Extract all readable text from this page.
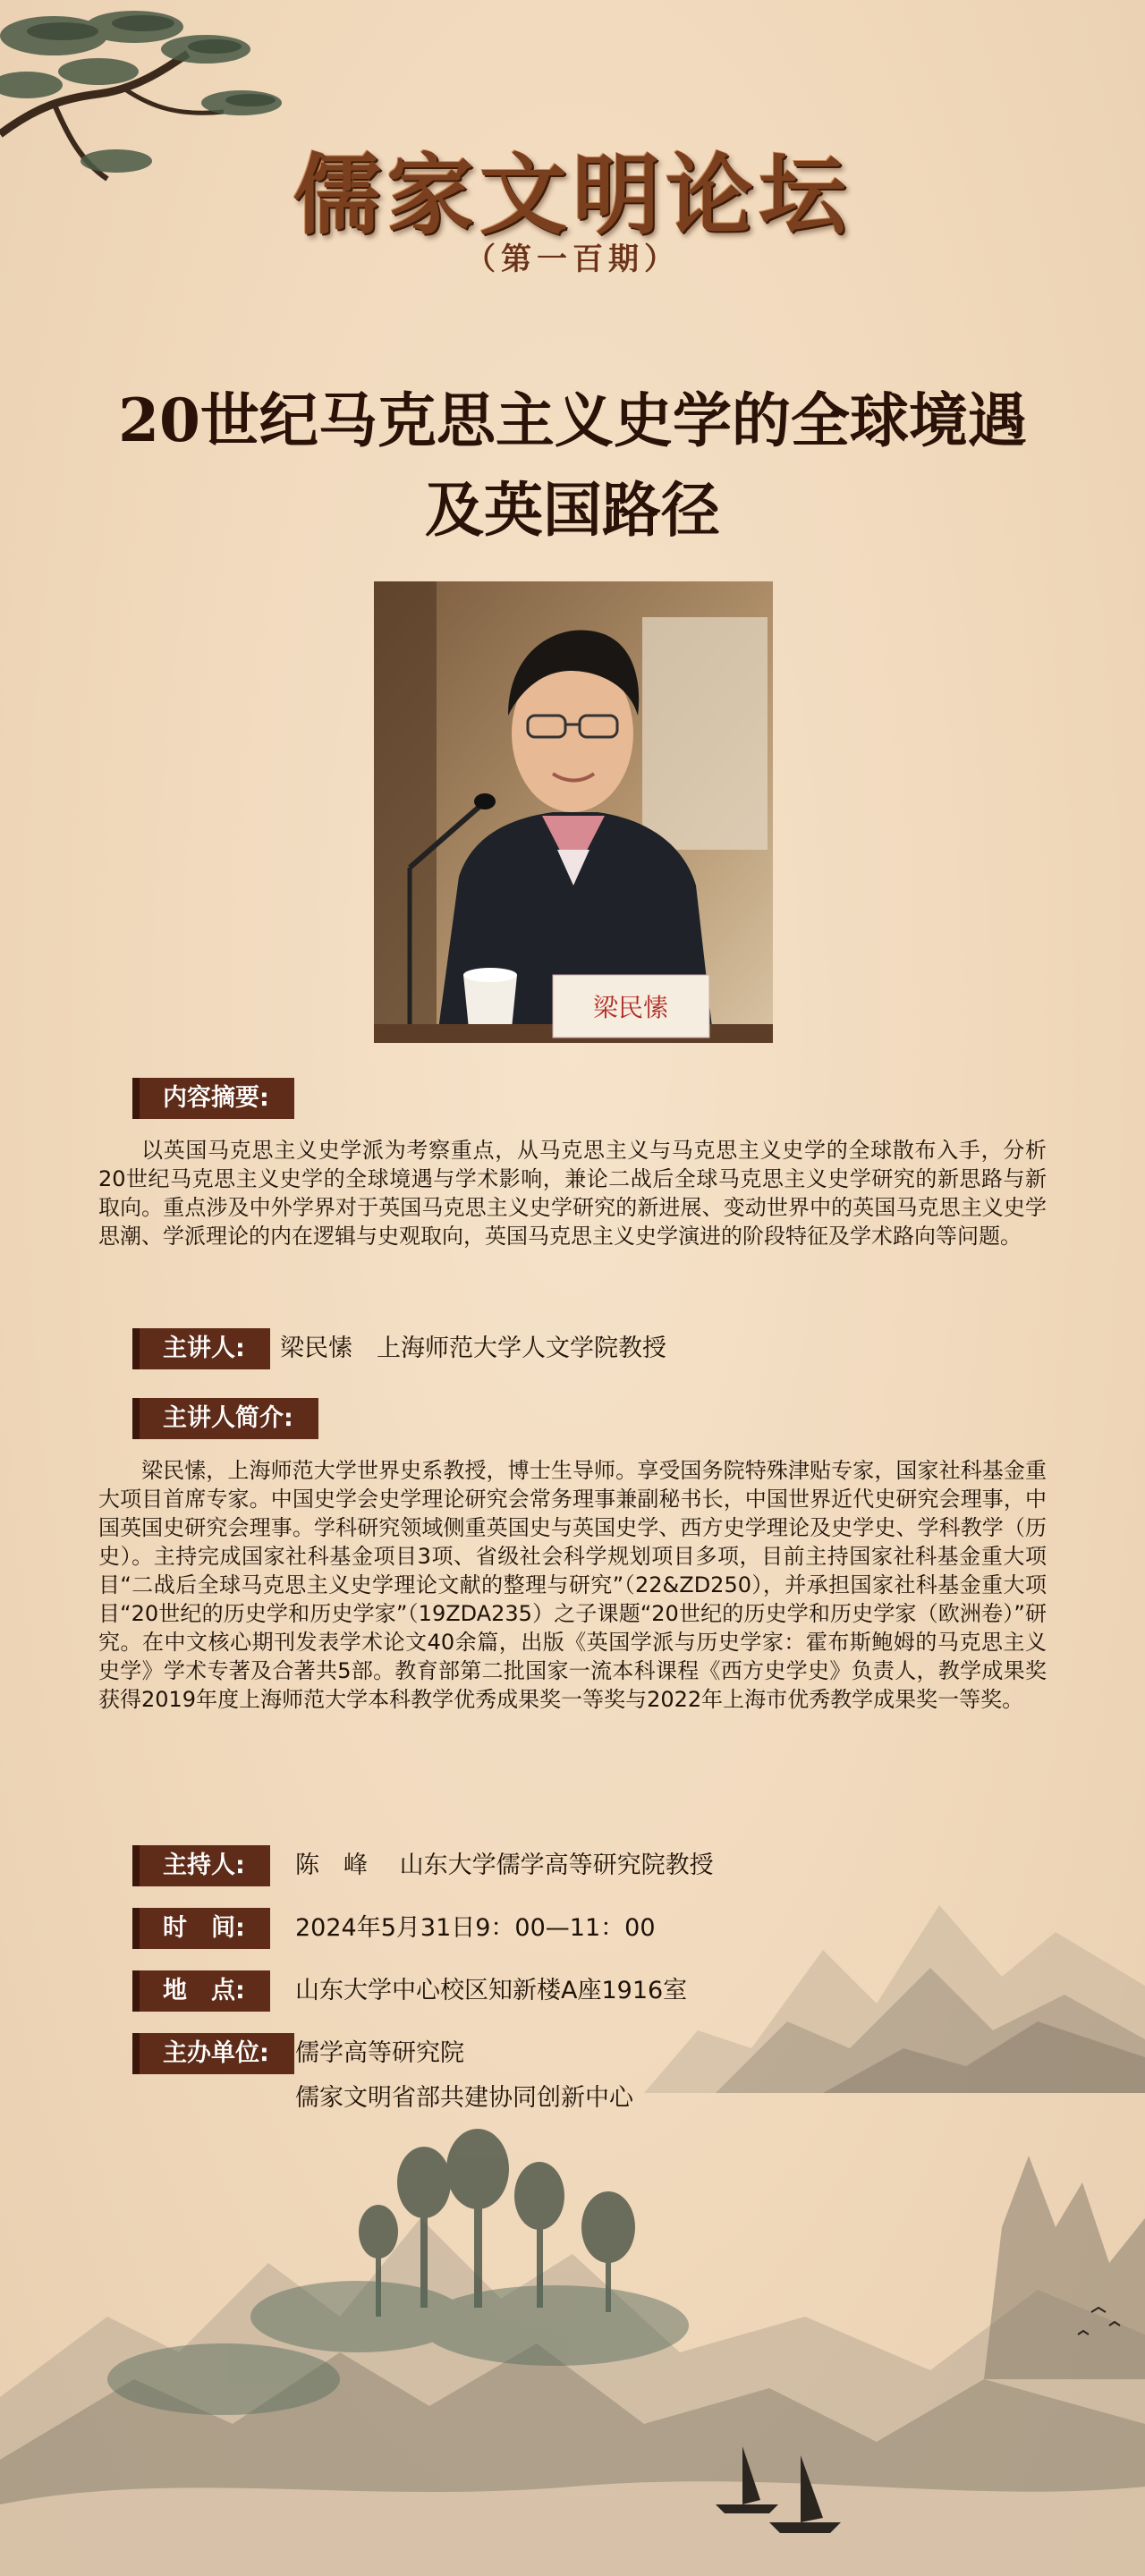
儒家文明论坛
（第一百期）
20世纪马克思主义史学的全球境遇
及英国路径
梁民愫
内容摘要:

以英国马克思主义史学派为考察重点，从马克思主义与马克思主义史学的全球散布入手，分析20世纪马克思主义史学的全球境遇与学术影响，兼论二战后全球马克思主义史学研究的新思路与新取向。重点涉及中外学界对于英国马克思主义史学研究的新进展、变动世界中的英国马克思主义史学思潮、学派理论的内在逻辑与史观取向，英国马克思主义史学演进的阶段特征及学术路向等问题。

主讲人:	梁民愫　上海师范大学人文学院教授
主讲人简介:

梁民愫，上海师范大学世界史系教授，博士生导师。享受国务院特殊津贴专家，国家社科基金重大项目首席专家。中国史学会史学理论研究会常务理事兼副秘书长，中国世界近代史研究会理事，中国英国史研究会理事。学科研究领域侧重英国史与英国史学、西方史学理论及史学史、学科教学（历史）。主持完成国家社科基金项目3项、省级社会科学规划项目多项，目前主持国家社科基金重大项目“二战后全球马克思主义史学理论文献的整理与研究”（22&ZD250），并承担国家社科基金重大项目“20世纪的历史学和历史学家”（19ZDA235）之子课题“20世纪的历史学和历史学家（欧洲卷）”研究。在中文核心期刊发表学术论文40余篇，出版《英国学派与历史学家：霍布斯鲍姆的马克思主义史学》学术专著及合著共5部。教育部第二批国家一流本科课程《西方史学史》负责人，教学成果奖获得2019年度上海师范大学本科教学优秀成果奖一等奖与2022年上海市优秀教学成果奖一等奖。

主持人:	陈　峰　 山东大学儒学高等研究院教授
时　间:	2024年5月31日9：00—11：00
地　点:	山东大学中心校区知新楼A座1916室
主办单位:	儒学高等研究院
儒家文明省部共建协同创新中心
